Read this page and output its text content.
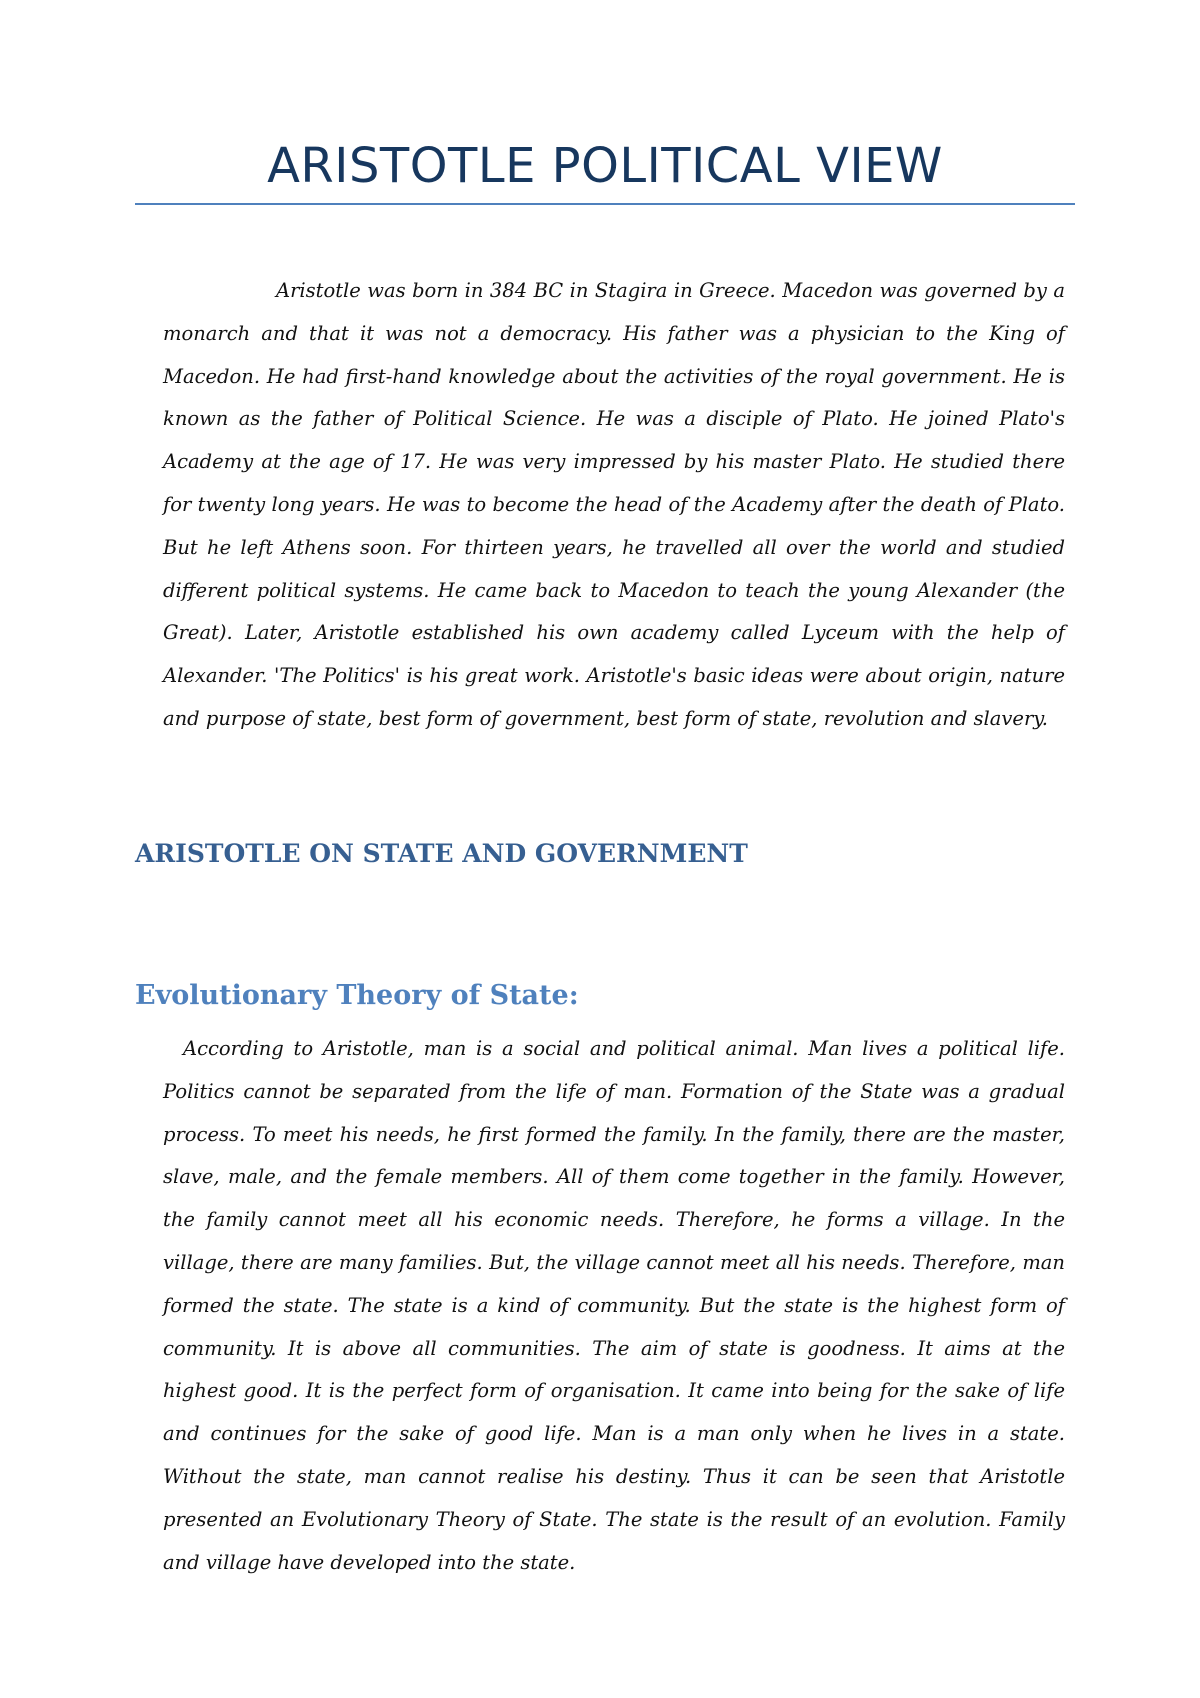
ARISTOTLE POLITICAL VIEW

Aristotle was born in 384 BC in Stagira in Greece. Macedon was governed by a monarch and that it was not a democracy. His father was a physician to the King of Macedon. He had first-hand knowledge about the activities of the royal government. He is known as the father of Political Science. He was a disciple of Plato. He joined Plato's Academy at the age of 17. He was very impressed by his master Plato. He studied there for twenty long years. He was to become the head of the Academy after the death of Plato. But he left Athens soon. For thirteen years, he travelled all over the world and studied different political systems. He came back to Macedon to teach the young Alexander (the Great). Later, Aristotle established his own academy called Lyceum with the help of Alexander. 'The Politics' is his great work. Aristotle's basic ideas were about origin, nature and purpose of state, best form of government, best form of state, revolution and slavery.

ARISTOTLE ON STATE AND GOVERNMENT
Evolutionary Theory of State:

According to Aristotle, man is a social and political animal. Man lives a political life. Politics cannot be separated from the life of man. Formation of the State was a gradual process. To meet his needs, he first formed the family. In the family, there are the master, slave, male, and the female members. All of them come together in the family. However, the family cannot meet all his economic needs. Therefore, he forms a village. In the village, there are many families. But, the village cannot meet all his needs. Therefore, man formed the state. The state is a kind of community. But the state is the highest form of community. It is above all communities. The aim of state is goodness. It aims at the highest good. It is the perfect form of organisation. It came into being for the sake of life and continues for the sake of good life. Man is a man only when he lives in a state. Without the state, man cannot realise his destiny. Thus it can be seen that Aristotle presented an Evolutionary Theory of State. The state is the result of an evolution. Family and village have developed into the state.
